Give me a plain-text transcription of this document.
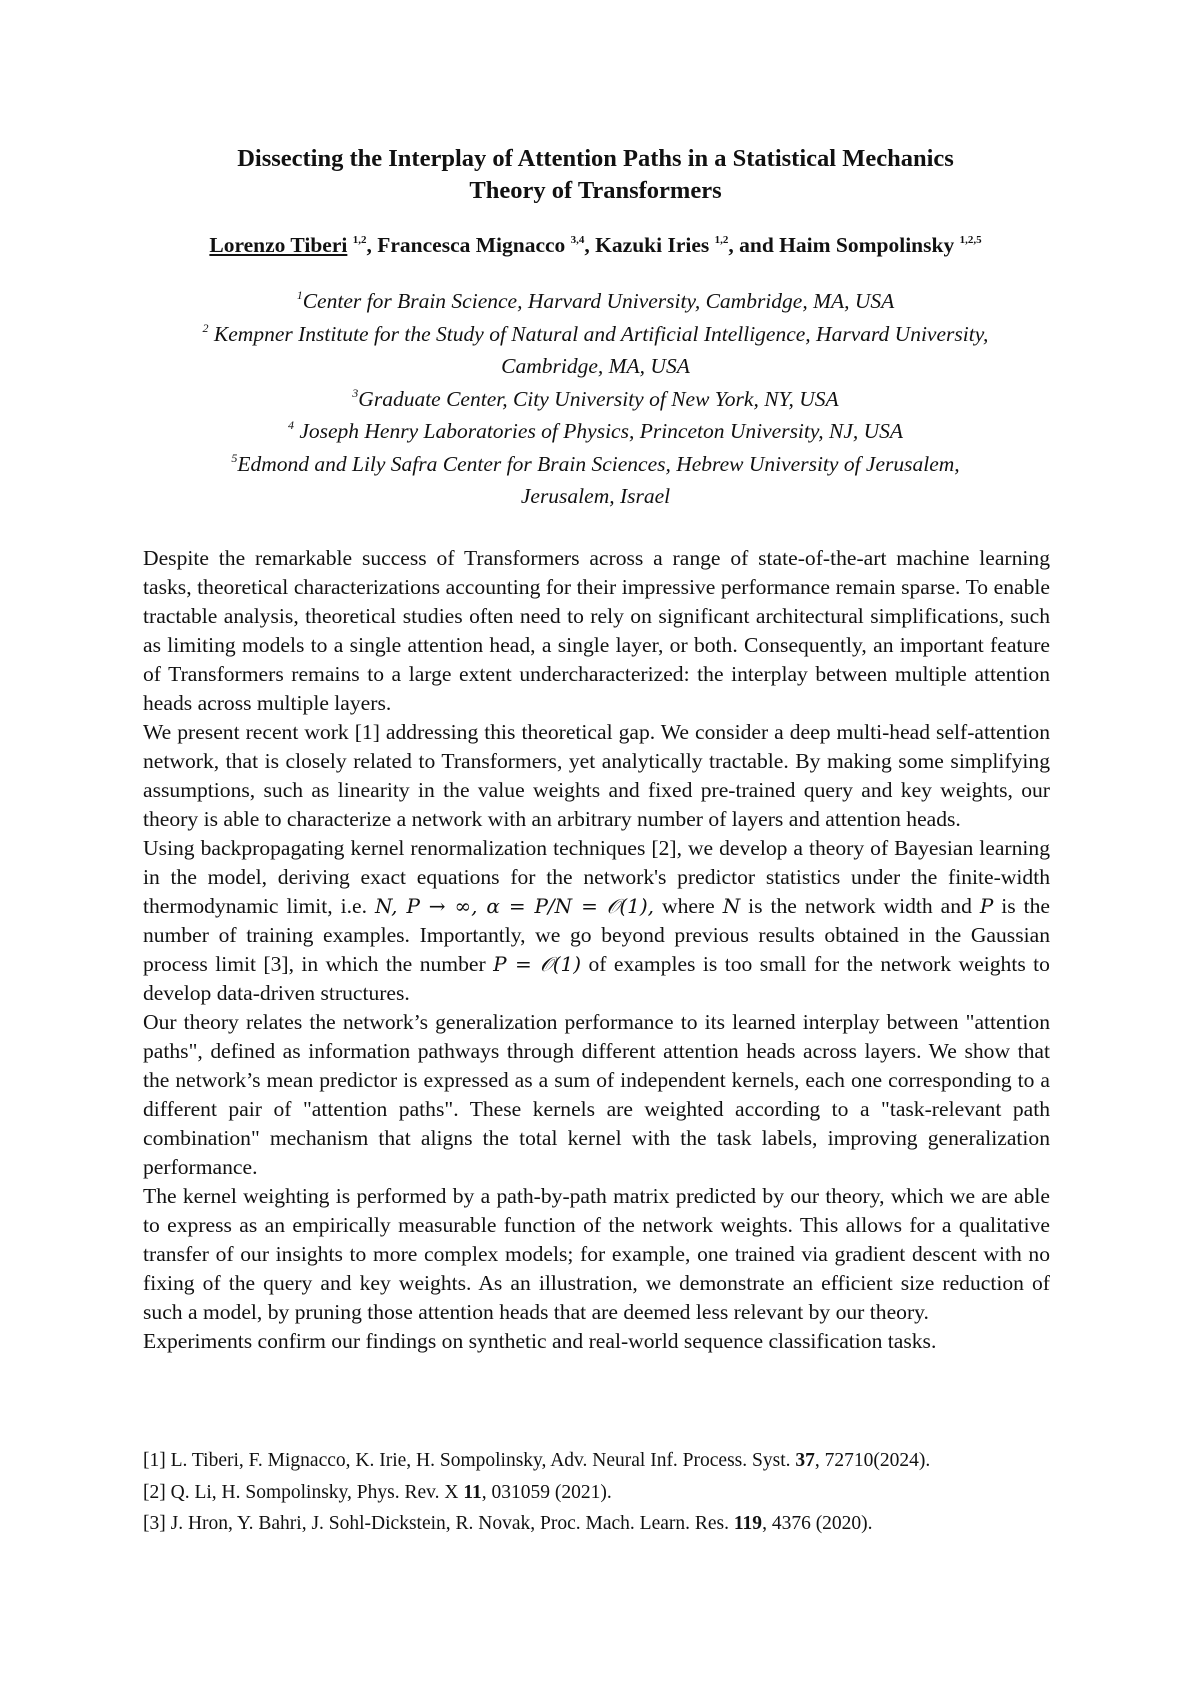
Dissecting the Interplay of Attention Paths in a Statistical Mechanics
Theory of Transformers
Lorenzo Tiberi $^{1,2}$, Francesca Mignacco $^{3,4}$, Kazuki Iries $^{1,2}$, and Haim Sompolinsky $^{1,2,5}$
$^1$Center for Brain Science, Harvard University, Cambridge, MA, USA
$^2$ Kempner Institute for the Study of Natural and Artificial Intelligence, Harvard University,
Cambridge, MA, USA
$^3$Graduate Center, City University of New York, NY, USA
$^4$ Joseph Henry Laboratories of Physics, Princeton University, NJ, USA
$^5$Edmond and Lily Safra Center for Brain Sciences, Hebrew University of Jerusalem,
Jerusalem, Israel

Despite the remarkable success of Transformers across a range of state-of-the-art machine learning tasks, theoretical characterizations accounting for their impressive performance remain sparse. To enable tractable analysis, theoretical studies often need to rely on significant architectural simplifications, such as limiting models to a single attention head, a single layer, or both. Consequently, an important feature of Transformers remains to a large extent undercharacterized: the interplay between multiple attention heads across multiple layers.

We present recent work [1] addressing this theoretical gap. We consider a deep multi-head self-attention network, that is closely related to Transformers, yet analytically tractable. By making some simplifying assumptions, such as linearity in the value weights and fixed pre-trained query and key weights, our theory is able to characterize a network with an arbitrary number of layers and attention heads.

Using backpropagating kernel renormalization techniques [2], we develop a theory of Bayesian learning in the model, deriving exact equations for the network's predictor statistics under the finite-width thermodynamic limit, i.e. N, P → ∞, α = P/N = 𝒪(1), where N is the network width and P is the number of training examples. Importantly, we go beyond previous results obtained in the Gaussian process limit [3], in which the number P = 𝒪(1) of examples is too small for the network weights to develop data-driven structures.

Our theory relates the network’s generalization performance to its learned interplay between "attention paths", defined as information pathways through different attention heads across layers. We show that the network’s mean predictor is expressed as a sum of independent kernels, each one corresponding to a different pair of "attention paths". These kernels are weighted according to a "task-relevant path combination" mechanism that aligns the total kernel with the task labels, improving generalization performance.

The kernel weighting is performed by a path-by-path matrix predicted by our theory, which we are able to express as an empirically measurable function of the network weights. This allows for a qualitative transfer of our insights to more complex models; for example, one trained via gradient descent with no fixing of the query and key weights. As an illustration, we demonstrate an efficient size reduction of such a model, by pruning those attention heads that are deemed less relevant by our theory.

Experiments confirm our findings on synthetic and real-world sequence classification tasks.

[1] L. Tiberi, F. Mignacco, K. Irie, H. Sompolinsky, Adv. Neural Inf. Process. Syst. 37, 72710(2024).
[2] Q. Li, H. Sompolinsky, Phys. Rev. X 11, 031059 (2021).
[3] J. Hron, Y. Bahri, J. Sohl-Dickstein, R. Novak, Proc. Mach. Learn. Res. 119, 4376 (2020).
